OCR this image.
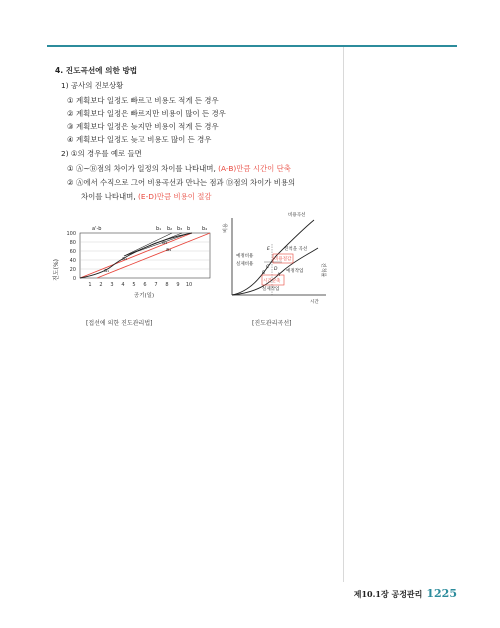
4. 진도곡선에 의한 방법
1) 공사의 진보상황
① 계획보다 일정도 빠르고 비용도 적게 든 경우
② 계획보다 일정은 빠르지만 비용이 많이 든 경우
③ 계획보다 일정은 늦지만 비용이 적게 든 경우
④ 계획보다 일정도 늦고 비용도 많이 든 경우
2) ①의 경우를 예로 들면
① Ⓐ~Ⓑ점의 차이가 일정의 차이를 나타내며, (A-B)만큼 시간이 단축
② Ⓐ에서 수직으로 그어 비용곡선과 만나는 점과 Ⓓ점의 차이가 비용의
차이를 나타내며, (E-D)만큼 비용이 절감
진도(%)
100
80
60
40
20
0
a₁
a₂
a₃
a₄
b₁ b₂ b₃ b b₄
a'-b
1 2 3 4 5 6 7 8 9 10
공기(일)
[접선에 의한 진도관리법]
비용
진척률
비용곡선
진척을 곡선
예정비용
실제비용
예정작업
실제작업
시간
E
C D
B	A
비용절감
시간단축
[진도관리곡선]
제10.1장 공정관리 1225
